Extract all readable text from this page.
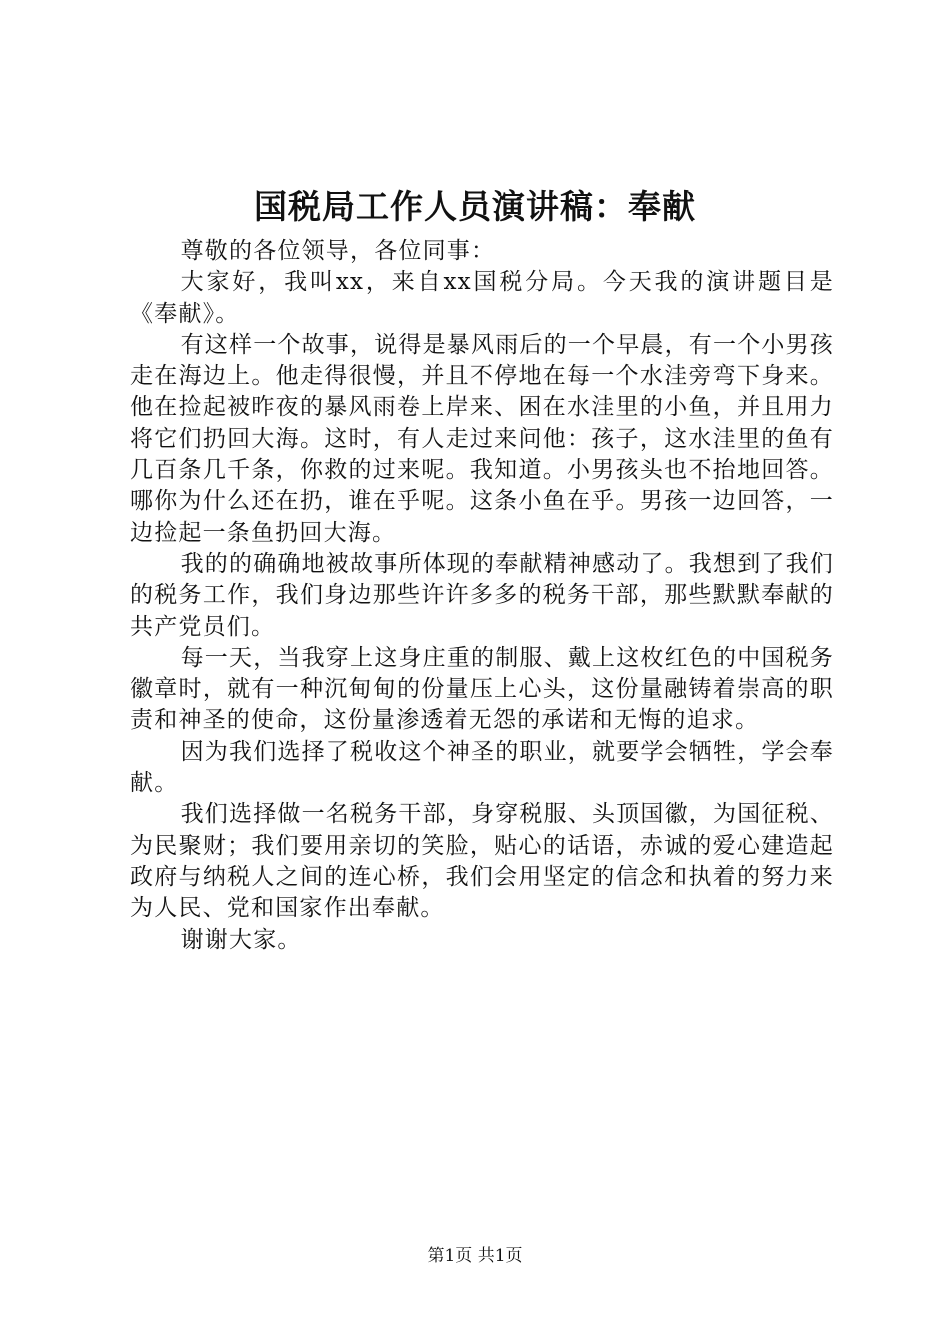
国税局工作人员演讲稿：奉献

尊敬的各位领导，各位同事：

大家好，我叫xx，来自xx国税分局。今天我的演讲题目是《奉献》。

有这样一个故事，说得是暴风雨后的一个早晨，有一个小男孩走在海边上。他走得很慢，并且不停地在每一个水洼旁弯下身来。他在捡起被昨夜的暴风雨卷上岸来、困在水洼里的小鱼，并且用力将它们扔回大海。这时，有人走过来问他：孩子，这水洼里的鱼有几百条几千条，你救的过来呢。我知道。小男孩头也不抬地回答。哪你为什么还在扔，谁在乎呢。这条小鱼在乎。男孩一边回答，一边捡起一条鱼扔回大海。

我的的确确地被故事所体现的奉献精神感动了。我想到了我们的税务工作，我们身边那些许许多多的税务干部，那些默默奉献的共产党员们。

每一天，当我穿上这身庄重的制服、戴上这枚红色的中国税务徽章时，就有一种沉甸甸的份量压上心头，这份量融铸着崇高的职责和神圣的使命，这份量渗透着无怨的承诺和无悔的追求。

因为我们选择了税收这个神圣的职业，就要学会牺牲，学会奉献。

我们选择做一名税务干部，身穿税服、头顶国徽，为国征税、为民聚财；我们要用亲切的笑脸，贴心的话语，赤诚的爱心建造起政府与纳税人之间的连心桥，我们会用坚定的信念和执着的努力来为人民、党和国家作出奉献。

谢谢大家。

第1页 共1页
